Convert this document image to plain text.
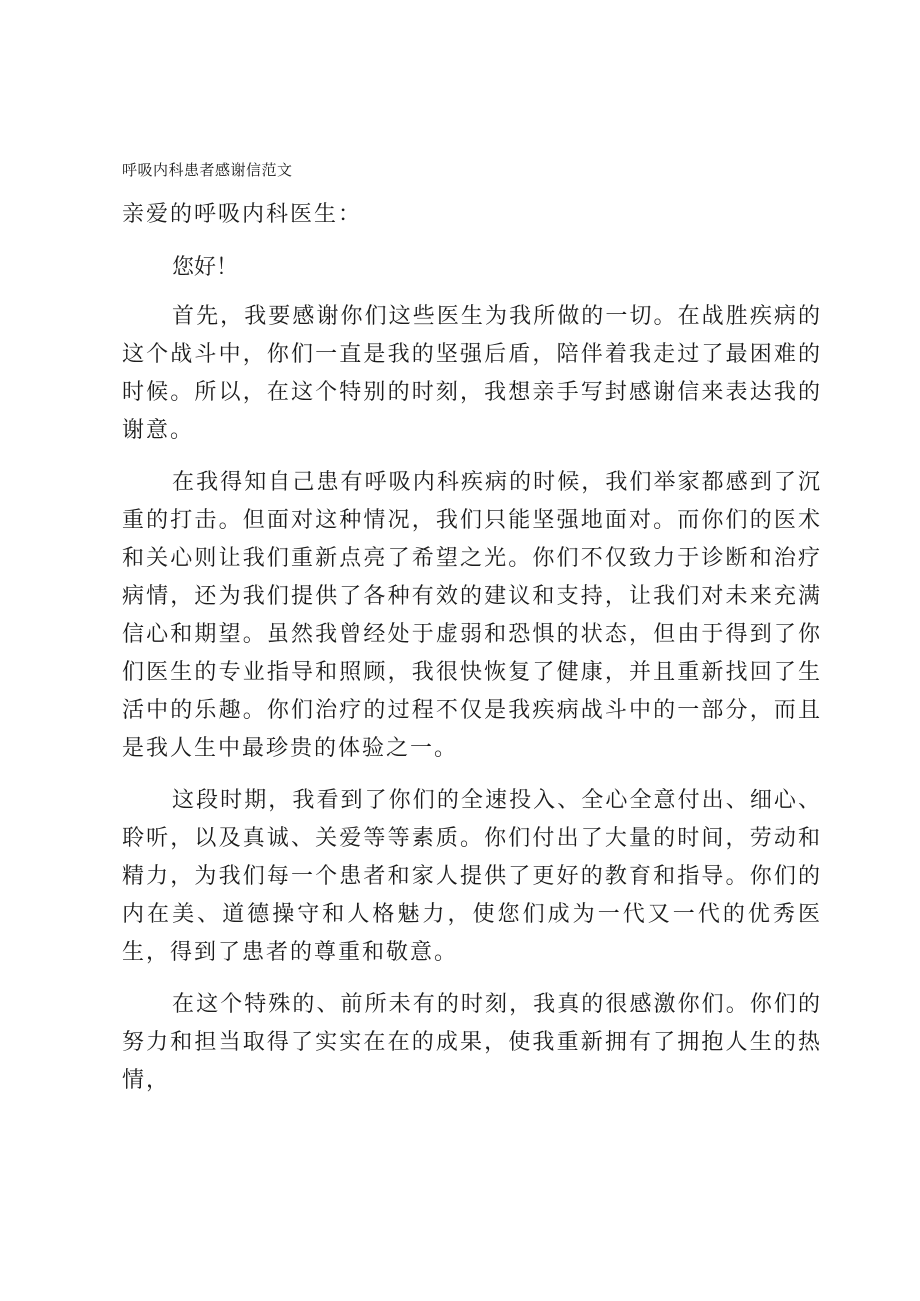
呼吸内科患者感谢信范文

亲爱的呼吸内科医生：

您好！

首先，我要感谢你们这些医生为我所做的一切。在战胜疾病的这个战斗中，你们一直是我的坚强后盾，陪伴着我走过了最困难的时候。所以，在这个特别的时刻，我想亲手写封感谢信来表达我的谢意。

在我得知自己患有呼吸内科疾病的时候，我们举家都感到了沉重的打击。但面对这种情况，我们只能坚强地面对。而你们的医术和关心则让我们重新点亮了希望之光。你们不仅致力于诊断和治疗病情，还为我们提供了各种有效的建议和支持，让我们对未来充满信心和期望。虽然我曾经处于虚弱和恐惧的状态，但由于得到了你们医生的专业指导和照顾，我很快恢复了健康，并且重新找回了生活中的乐趣。你们治疗的过程不仅是我疾病战斗中的一部分，而且是我人生中最珍贵的体验之一。

这段时期，我看到了你们的全速投入、全心全意付出、细心、聆听，以及真诚、关爱等等素质。你们付出了大量的时间，劳动和精力，为我们每一个患者和家人提供了更好的教育和指导。你们的内在美、道德操守和人格魅力，使您们成为一代又一代的优秀医生，得到了患者的尊重和敬意。

在这个特殊的、前所未有的时刻，我真的很感激你们。你们的努力和担当取得了实实在在的成果，使我重新拥有了拥抱人生的热情，
